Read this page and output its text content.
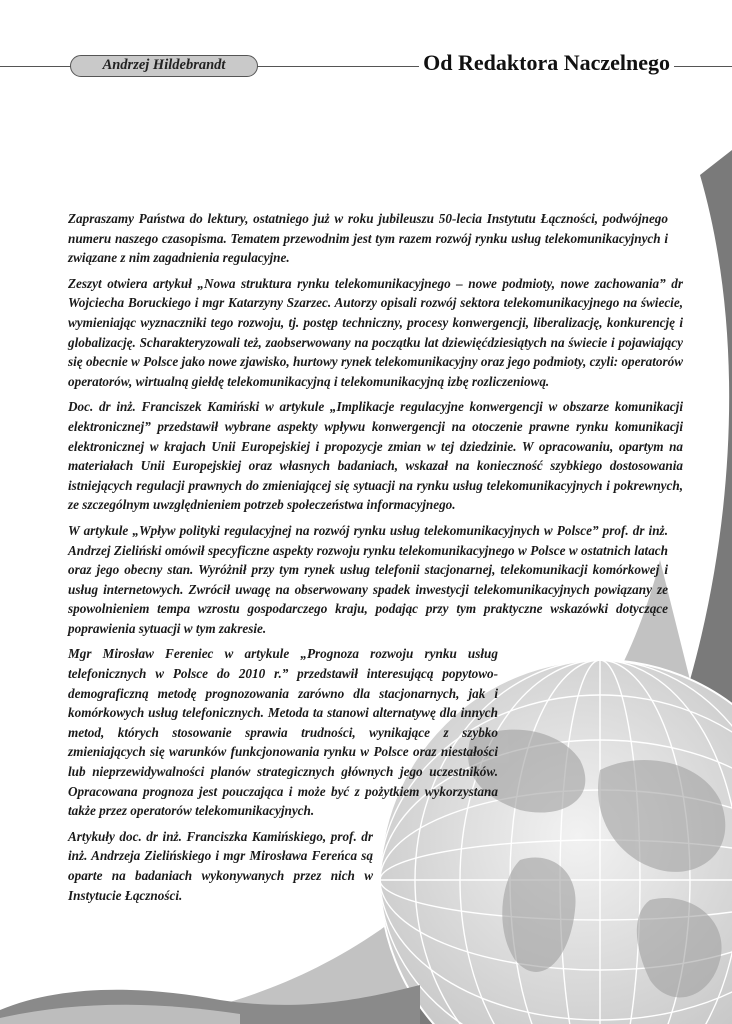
Andrzej Hildebrandt	Od Redaktora Naczelnego

Zapraszamy Państwa do lektury, ostatniego już w roku jubileuszu 50-lecia Instytutu Łączności, podwójnego numeru naszego czasopisma. Tematem przewodnim jest tym razem rozwój rynku usług telekomunikacyjnych i związane z nim zagadnienia regulacyjne.

Zeszyt otwiera artykuł „Nowa struktura rynku telekomunikacyjnego – nowe podmioty, nowe zachowania” dr Wojciecha Boruckiego i mgr Katarzyny Szarzec. Autorzy opisali rozwój sektora telekomunikacyjnego na świecie, wymieniając wyznaczniki tego rozwoju, tj. postęp techniczny, procesy konwergencji, liberalizację, konkurencję i globalizację. Scharakteryzowali też, zaobserwowany na początku lat dziewięćdziesiątych na świecie i pojawiający się obecnie w Polsce jako nowe zjawisko, hurtowy rynek telekomunikacyjny oraz jego podmioty, czyli: operatorów operatorów, wirtualną giełdę telekomunikacyjną i telekomunikacyjną izbę rozliczeniową.

Doc. dr inż. Franciszek Kamiński w artykule „Implikacje regulacyjne konwergencji w obszarze komunikacji elektronicznej” przedstawił wybrane aspekty wpływu konwergencji na otoczenie prawne rynku komunikacji elektronicznej w krajach Unii Europejskiej i propozycje zmian w tej dziedzinie. W opracowaniu, opartym na materiałach Unii Europejskiej oraz własnych badaniach, wskazał na konieczność szybkiego dostosowania istniejących regulacji prawnych do zmieniającej się sytuacji na rynku usług telekomunikacyjnych i pokrewnych, ze szczególnym uwzględnieniem potrzeb społeczeństwa informacyjnego.

W artykule „Wpływ polityki regulacyjnej na rozwój rynku usług telekomunikacyjnych w Polsce” prof. dr inż. Andrzej Zieliński omówił specyficzne aspekty rozwoju rynku telekomunikacyjnego w Polsce w ostatnich latach oraz jego obecny stan. Wyróżnił przy tym rynek usług telefonii stacjonarnej, telekomunikacji komórkowej i usług internetowych. Zwrócił uwagę na obserwowany spadek inwestycji telekomunikacyjnych powiązany ze spowolnieniem tempa wzrostu gospodarczego kraju, podając przy tym praktyczne wskazówki dotyczące poprawienia sytuacji w tym zakresie.

Mgr Mirosław Fereniec w artykule „Prognoza rozwoju rynku usług telefonicznych w Polsce do 2010 r.” przedstawił interesującą popytowo-demograficzną metodę prognozowania zarówno dla stacjonarnych, jak i komórkowych usług telefonicznych. Metoda ta stanowi alternatywę dla innych metod, których stosowanie sprawia trudności, wynikające z szybko zmieniających się warunków funkcjonowania rynku w Polsce oraz niestałości lub nieprzewidywalności planów strategicznych głównych jego uczestników. Opracowana prognoza jest pouczająca i może być z pożytkiem wykorzystana także przez operatorów telekomunikacyjnych.

Artykuły doc. dr inż. Franciszka Kamińskiego, prof. dr inż. Andrzeja Zielińskiego i mgr Mirosława Fereńca są oparte na badaniach wykonywanych przez nich w Instytucie Łączności.
